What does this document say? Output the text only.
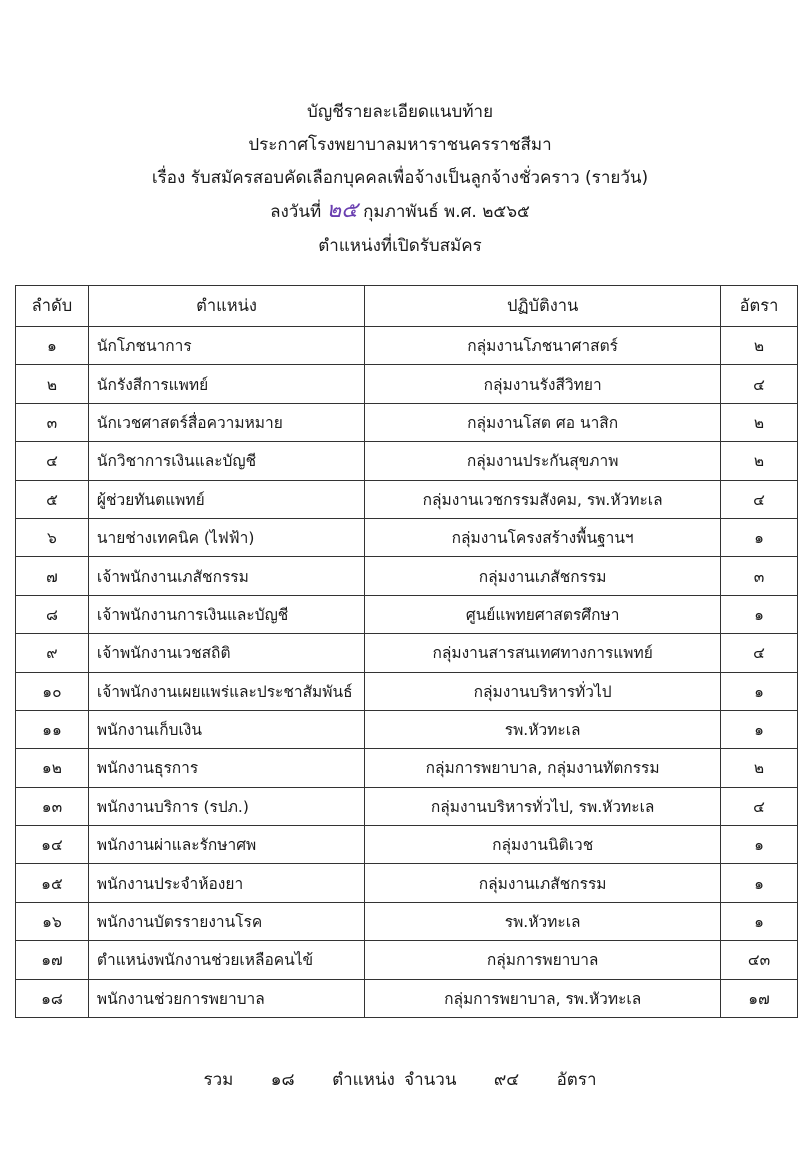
บัญชีรายละเอียดแนบท้าย
ประกาศโรงพยาบาลมหาราชนครราชสีมา
เรื่อง รับสมัครสอบคัดเลือกบุคคลเพื่อจ้างเป็นลูกจ้างชั่วคราว (รายวัน)
ลงวันที่ ๒๕ กุมภาพันธ์ พ.ศ. ๒๕๖๕
ตำแหน่งที่เปิดรับสมัคร
ลำดับ	ตำแหน่ง	ปฏิบัติงาน	อัตรา
๑	นักโภชนาการ	กลุ่มงานโภชนาศาสตร์	๒
๒	นักรังสีการแพทย์	กลุ่มงานรังสีวิทยา	๔
๓	นักเวชศาสตร์สื่อความหมาย	กลุ่มงานโสต ศอ นาสิก	๒
๔	นักวิชาการเงินและบัญชี	กลุ่มงานประกันสุขภาพ	๒
๕	ผู้ช่วยทันตแพทย์	กลุ่มงานเวชกรรมสังคม, รพ.หัวทะเล	๔
๖	นายช่างเทคนิค (ไฟฟ้า)	กลุ่มงานโครงสร้างพื้นฐานฯ	๑
๗	เจ้าพนักงานเภสัชกรรม	กลุ่มงานเภสัชกรรม	๓
๘	เจ้าพนักงานการเงินและบัญชี	ศูนย์แพทยศาสตรศึกษา	๑
๙	เจ้าพนักงานเวชสถิติ	กลุ่มงานสารสนเทศทางการแพทย์	๔
๑๐	เจ้าพนักงานเผยแพร่และประชาสัมพันธ์	กลุ่มงานบริหารทั่วไป	๑
๑๑	พนักงานเก็บเงิน	รพ.หัวทะเล	๑
๑๒	พนักงานธุรการ	กลุ่มการพยาบาล, กลุ่มงานทัตกรรม	๒
๑๓	พนักงานบริการ (รปภ.)	กลุ่มงานบริหารทั่วไป, รพ.หัวทะเล	๔
๑๔	พนักงานผ่าและรักษาศพ	กลุ่มงานนิติเวช	๑
๑๕	พนักงานประจำห้องยา	กลุ่มงานเภสัชกรรม	๑
๑๖	พนักงานบัตรรายงานโรค	รพ.หัวทะเล	๑
๑๗	ตำแหน่งพนักงานช่วยเหลือคนไข้	กลุ่มการพยาบาล	๔๓
๑๘	พนักงานช่วยการพยาบาล	กลุ่มการพยาบาล, รพ.หัวทะเล	๑๗
รวม ๑๘ ตำแหน่ง จำนวน ๙๔ อัตรา
